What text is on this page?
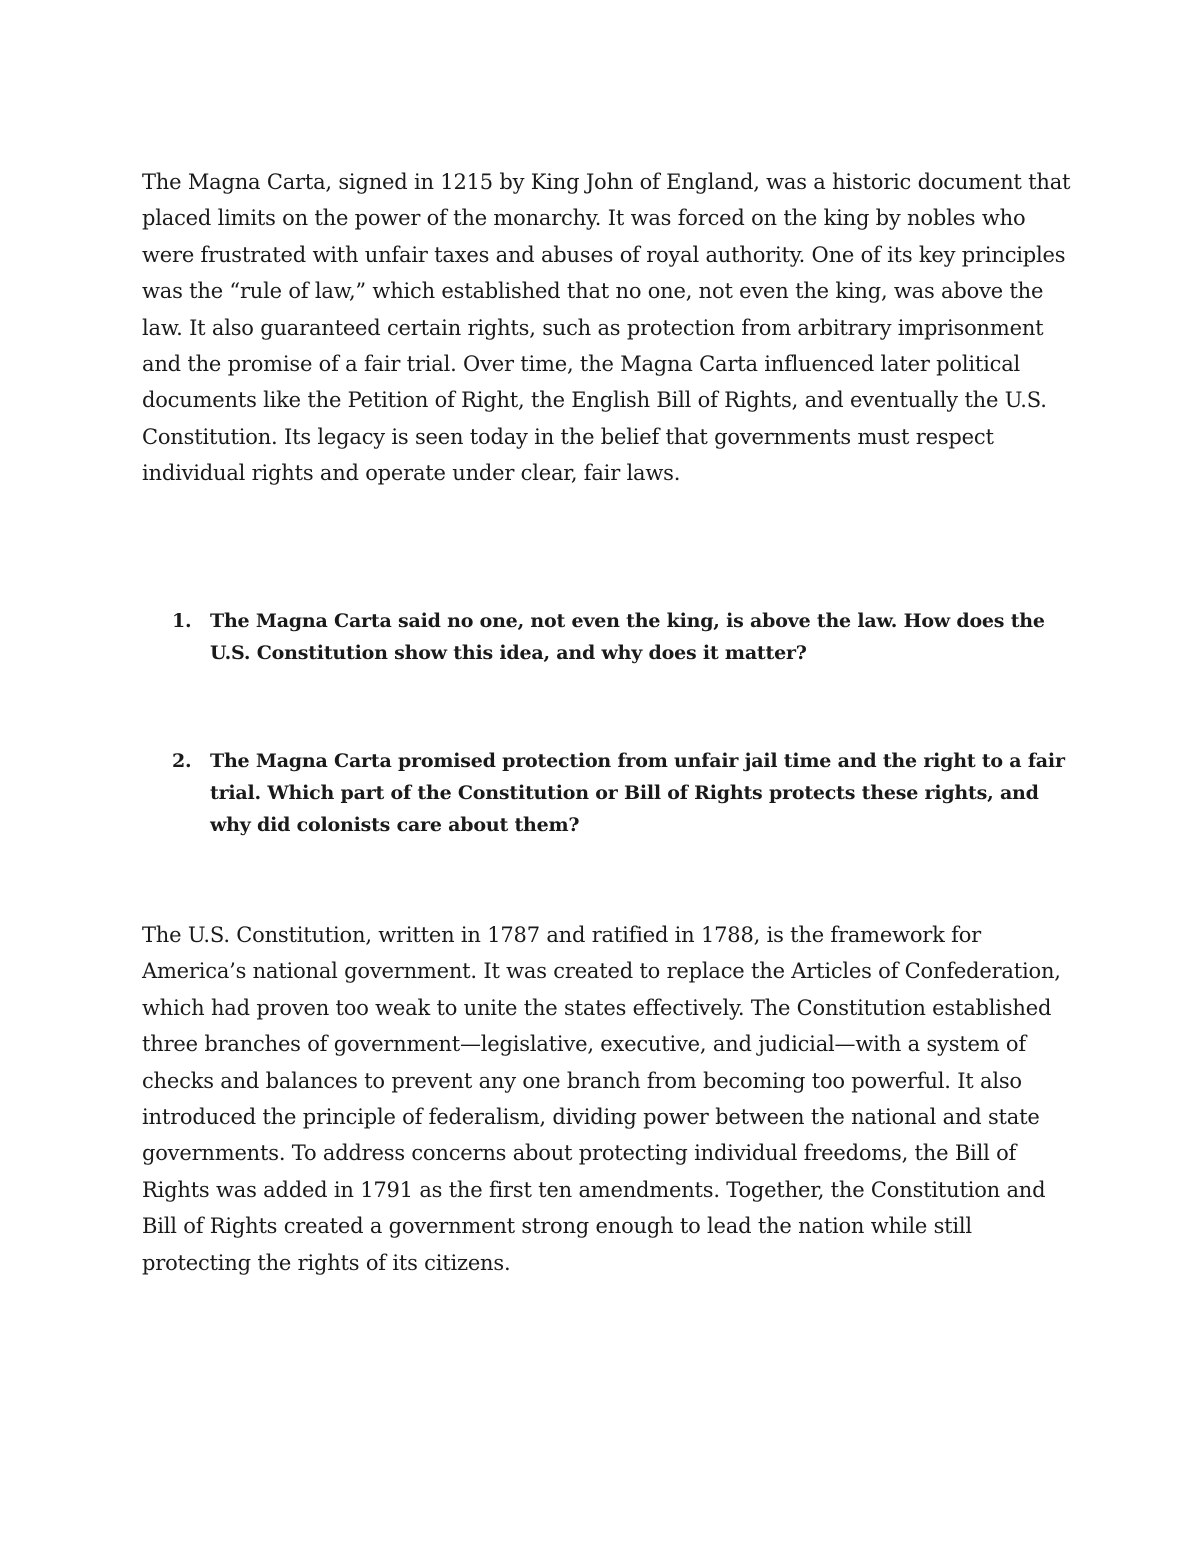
The Magna Carta, signed in 1215 by King John of England, was a historic document that placed limits on the power of the monarchy. It was forced on the king by nobles who were frustrated with unfair taxes and abuses of royal authority. One of its key principles was the “rule of law,” which established that no one, not even the king, was above the law. It also guaranteed certain rights, such as protection from arbitrary imprisonment and the promise of a fair trial. Over time, the Magna Carta influenced later political documents like the Petition of Right, the English Bill of Rights, and eventually the U.S. Constitution. Its legacy is seen today in the belief that governments must respect individual rights and operate under clear, fair laws.

1. The Magna Carta said no one, not even the king, is above the law. How does the U.S. Constitution show this idea, and why does it matter?
2. The Magna Carta promised protection from unfair jail time and the right to a fair trial. Which part of the Constitution or Bill of Rights protects these rights, and why did colonists care about them?

The U.S. Constitution, written in 1787 and ratified in 1788, is the framework for America’s national government. It was created to replace the Articles of Confederation, which had proven too weak to unite the states effectively. The Constitution established three branches of government—legislative, executive, and judicial—with a system of checks and balances to prevent any one branch from becoming too powerful. It also introduced the principle of federalism, dividing power between the national and state governments. To address concerns about protecting individual freedoms, the Bill of Rights was added in 1791 as the first ten amendments. Together, the Constitution and Bill of Rights created a government strong enough to lead the nation while still protecting the rights of its citizens.
